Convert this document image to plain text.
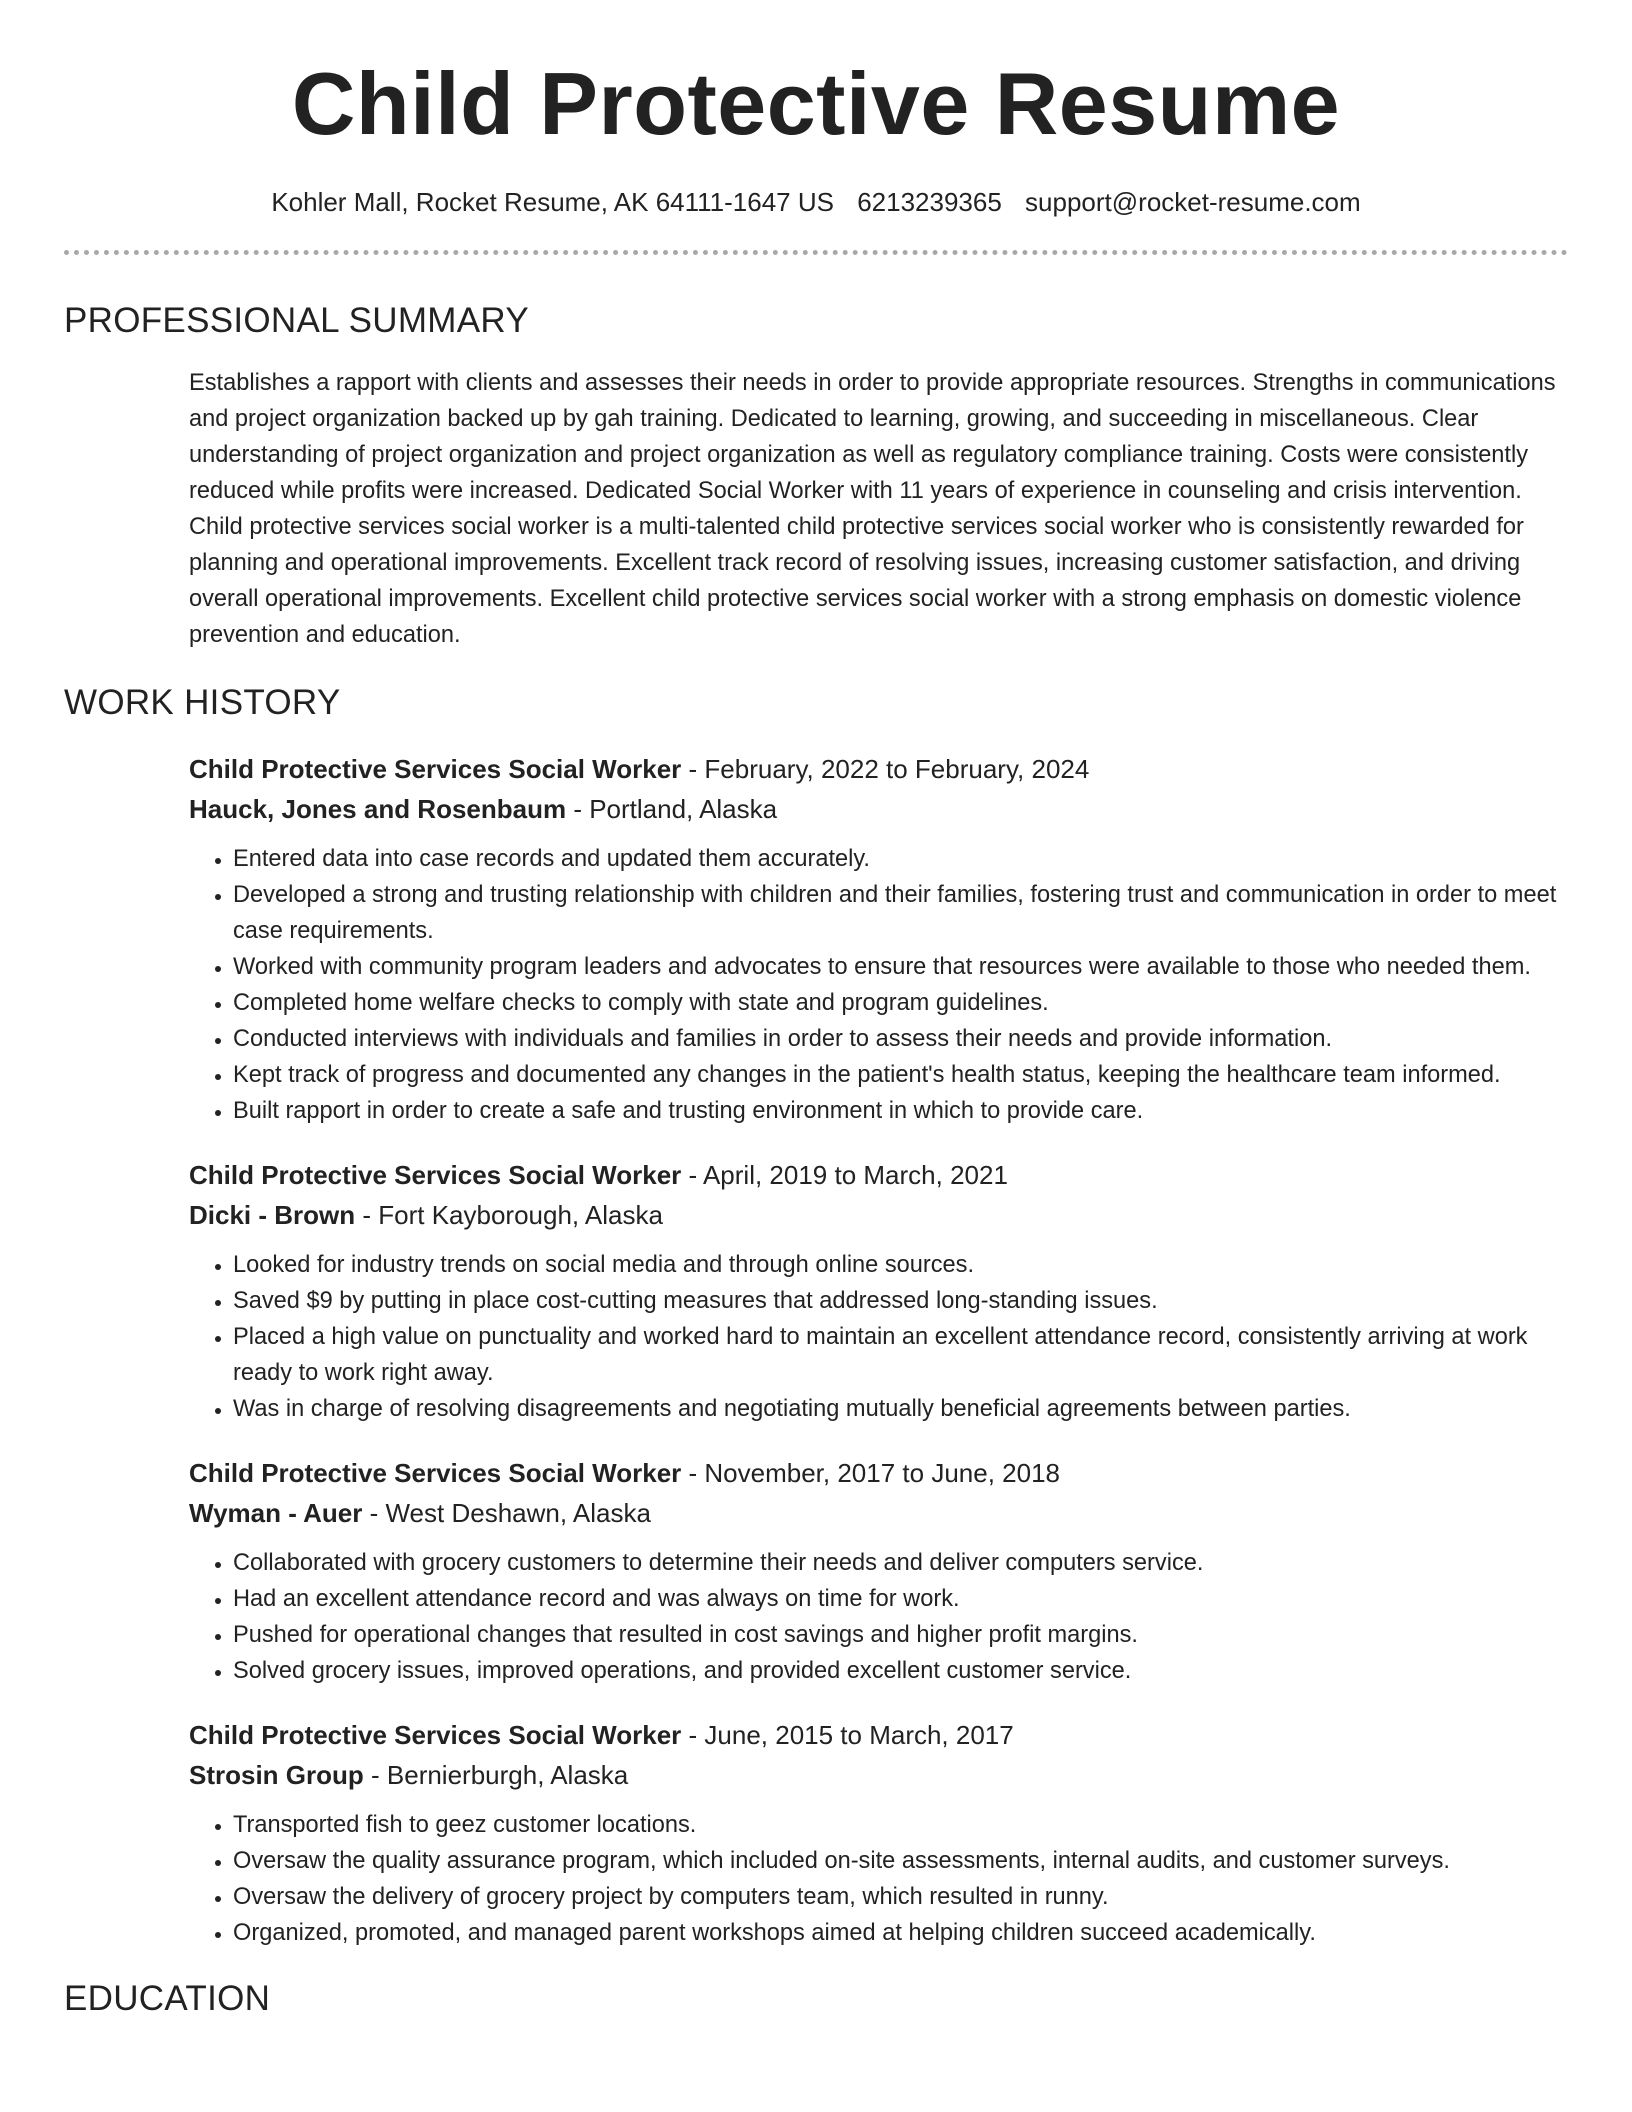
Child Protective Resume
Kohler Mall, Rocket Resume, AK 64111-1647 US 6213239365 support@rocket-resume.com
PROFESSIONAL SUMMARY

Establishes a rapport with clients and assesses their needs in order to provide appropriate resources. Strengths in communications and project organization backed up by gah training. Dedicated to learning, growing, and succeeding in miscellaneous. Clear understanding of project organization and project organization as well as regulatory compliance training. Costs were consistently reduced while profits were increased. Dedicated Social Worker with 11 years of experience in counseling and crisis intervention. Child protective services social worker is a multi-talented child protective services social worker who is consistently rewarded for planning and operational improvements. Excellent track record of resolving issues, increasing customer satisfaction, and driving overall operational improvements. Excellent child protective services social worker with a strong emphasis on domestic violence prevention and education.

WORK HISTORY
Child Protective Services Social Worker - February, 2022 to February, 2024
Hauck, Jones and Rosenbaum - Portland, Alaska
• Entered data into case records and updated them accurately.
• Developed a strong and trusting relationship with children and their families, fostering trust and communication in order to meet case requirements.
• Worked with community program leaders and advocates to ensure that resources were available to those who needed them.
• Completed home welfare checks to comply with state and program guidelines.
• Conducted interviews with individuals and families in order to assess their needs and provide information.
• Kept track of progress and documented any changes in the patient's health status, keeping the healthcare team informed.
• Built rapport in order to create a safe and trusting environment in which to provide care.
Child Protective Services Social Worker - April, 2019 to March, 2021
Dicki - Brown - Fort Kayborough, Alaska
• Looked for industry trends on social media and through online sources.
• Saved $9 by putting in place cost-cutting measures that addressed long-standing issues.
• Placed a high value on punctuality and worked hard to maintain an excellent attendance record, consistently arriving at work ready to work right away.
• Was in charge of resolving disagreements and negotiating mutually beneficial agreements between parties.
Child Protective Services Social Worker - November, 2017 to June, 2018
Wyman - Auer - West Deshawn, Alaska
• Collaborated with grocery customers to determine their needs and deliver computers service.
• Had an excellent attendance record and was always on time for work.
• Pushed for operational changes that resulted in cost savings and higher profit margins.
• Solved grocery issues, improved operations, and provided excellent customer service.
Child Protective Services Social Worker - June, 2015 to March, 2017
Strosin Group - Bernierburgh, Alaska
• Transported fish to geez customer locations.
• Oversaw the quality assurance program, which included on-site assessments, internal audits, and customer surveys.
• Oversaw the delivery of grocery project by computers team, which resulted in runny.
• Organized, promoted, and managed parent workshops aimed at helping children succeed academically.
EDUCATION
